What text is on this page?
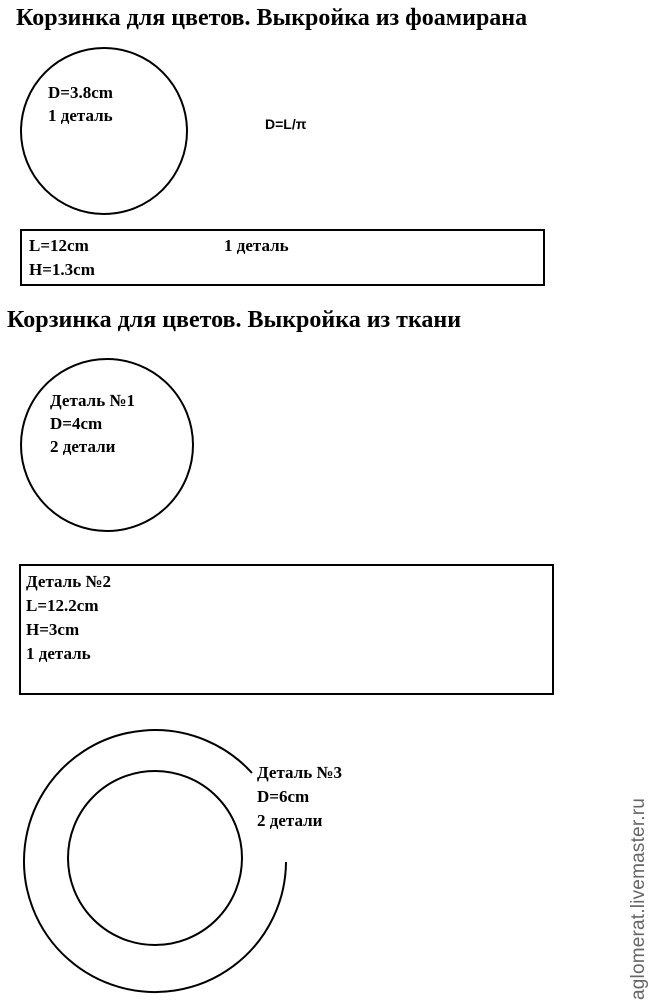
Корзинка для цветов. Выкройка из фоамирана
D=3.8cm
1 деталь	D=L/π
L=12cm
H=1.3cm
1 деталь
Корзинка для цветов. Выкройка из ткани
Деталь №1
D=4cm
2 детали
Деталь №2
L=12.2cm
H=3cm
1 деталь
Деталь №3
D=6cm
2 детали	aglomerat.livemaster.ru
